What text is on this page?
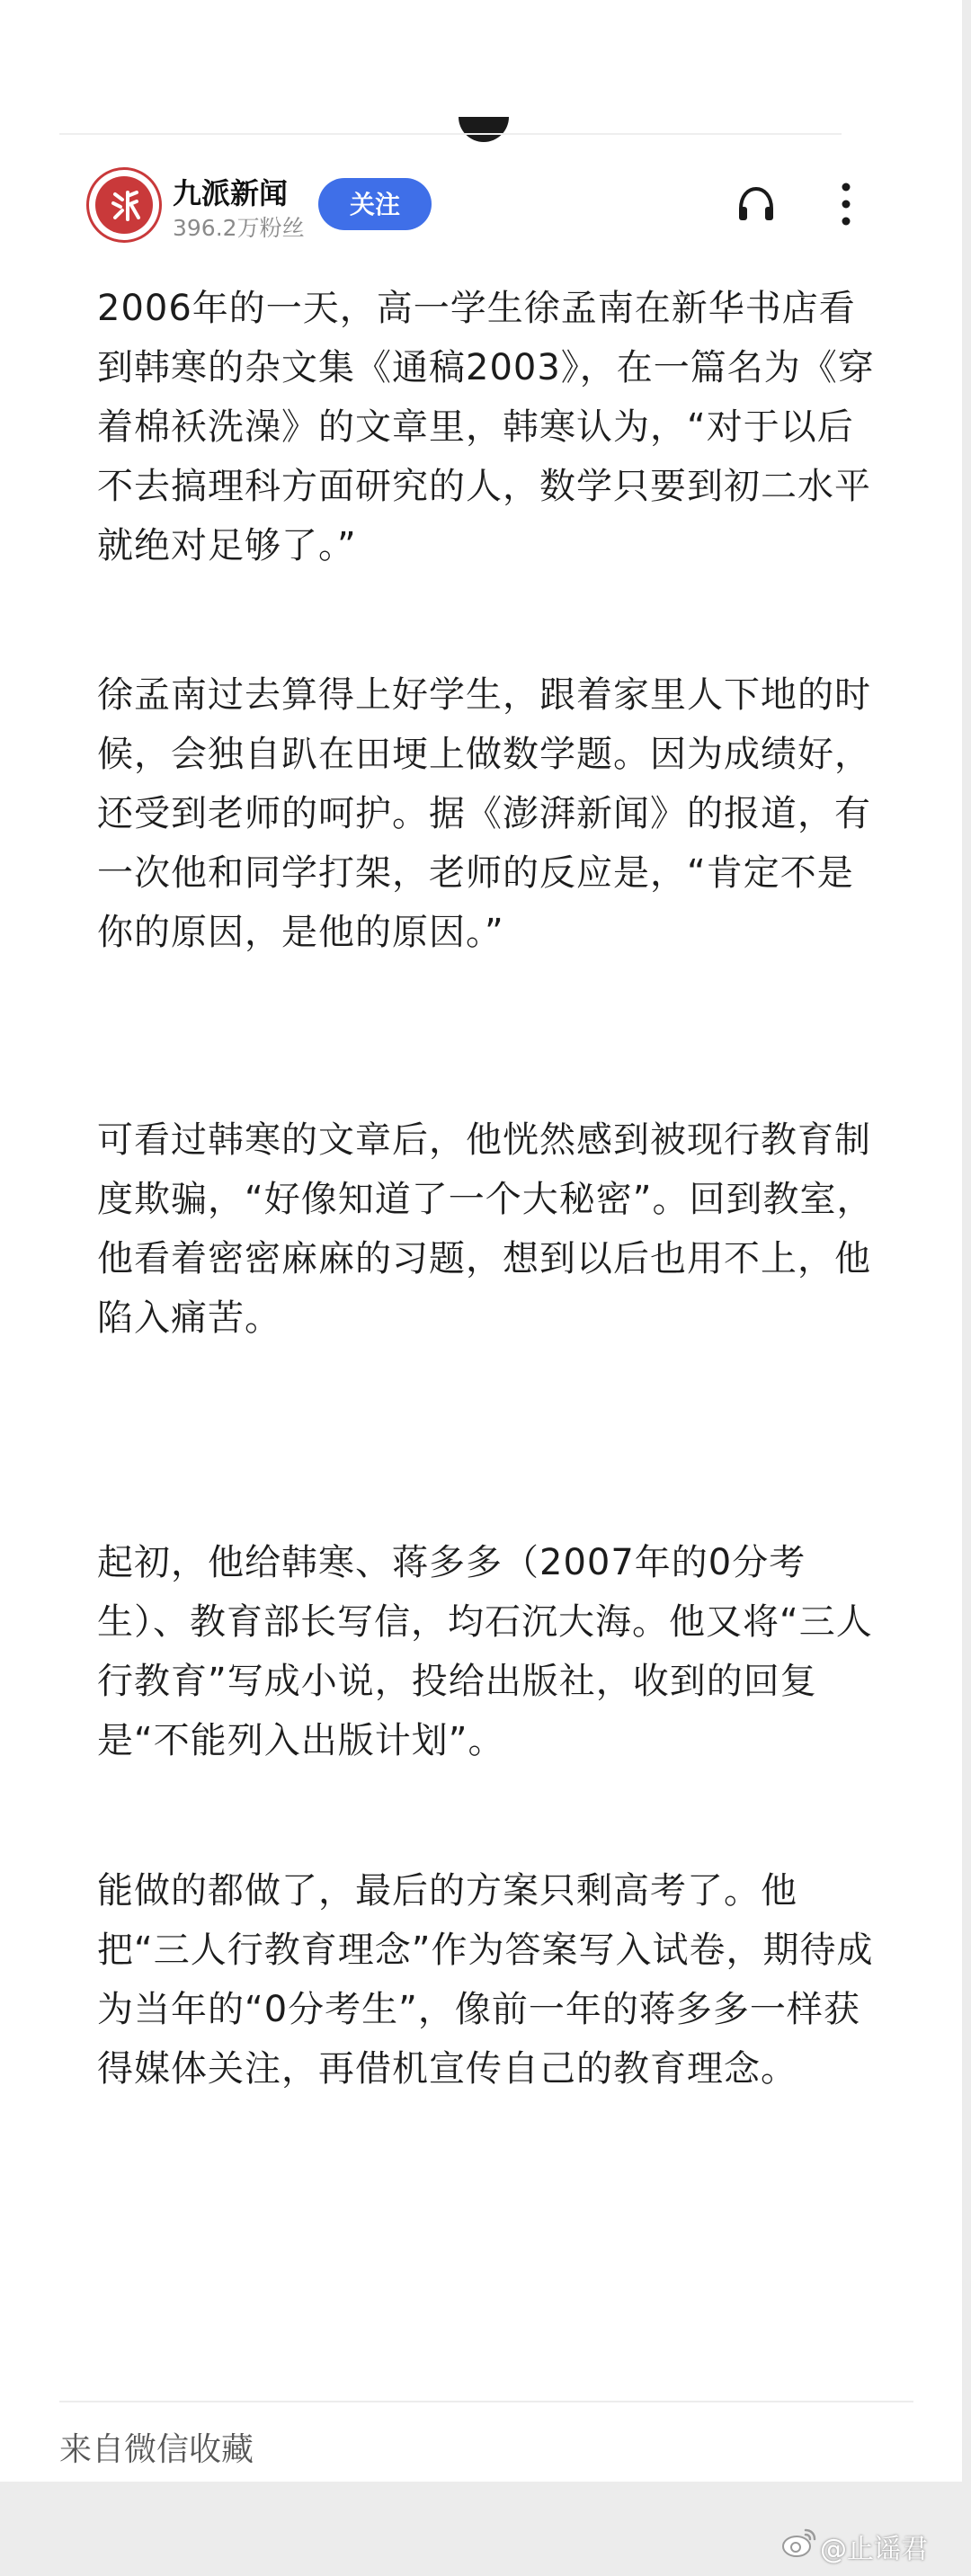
九派新闻
396.2万粉丝
关注

2006年的一天，高一学生徐孟南在新华书店看到韩寒的杂文集《通稿2003》，在一篇名为《穿着棉袄洗澡》的文章里，韩寒认为，“对于以后不去搞理科方面研究的人，数学只要到初二水平就绝对足够了。”

徐孟南过去算得上好学生，跟着家里人下地的时候，会独自趴在田埂上做数学题。因为成绩好，还受到老师的呵护。据《澎湃新闻》的报道，有一次他和同学打架，老师的反应是，“肯定不是你的原因，是他的原因。”

可看过韩寒的文章后，他恍然感到被现行教育制度欺骗，“好像知道了一个大秘密”。回到教室，他看着密密麻麻的习题，想到以后也用不上，他陷入痛苦。

起初，他给韩寒、蒋多多（2007年的0分考生）、教育部长写信，均石沉大海。他又将“三人行教育”写成小说，投给出版社，收到的回复是“不能列入出版计划”。

能做的都做了，最后的方案只剩高考了。他把“三人行教育理念”作为答案写入试卷，期待成为当年的“0分考生”，像前一年的蒋多多一样获得媒体关注，再借机宣传自己的教育理念。

来自微信收藏
@止谣君
